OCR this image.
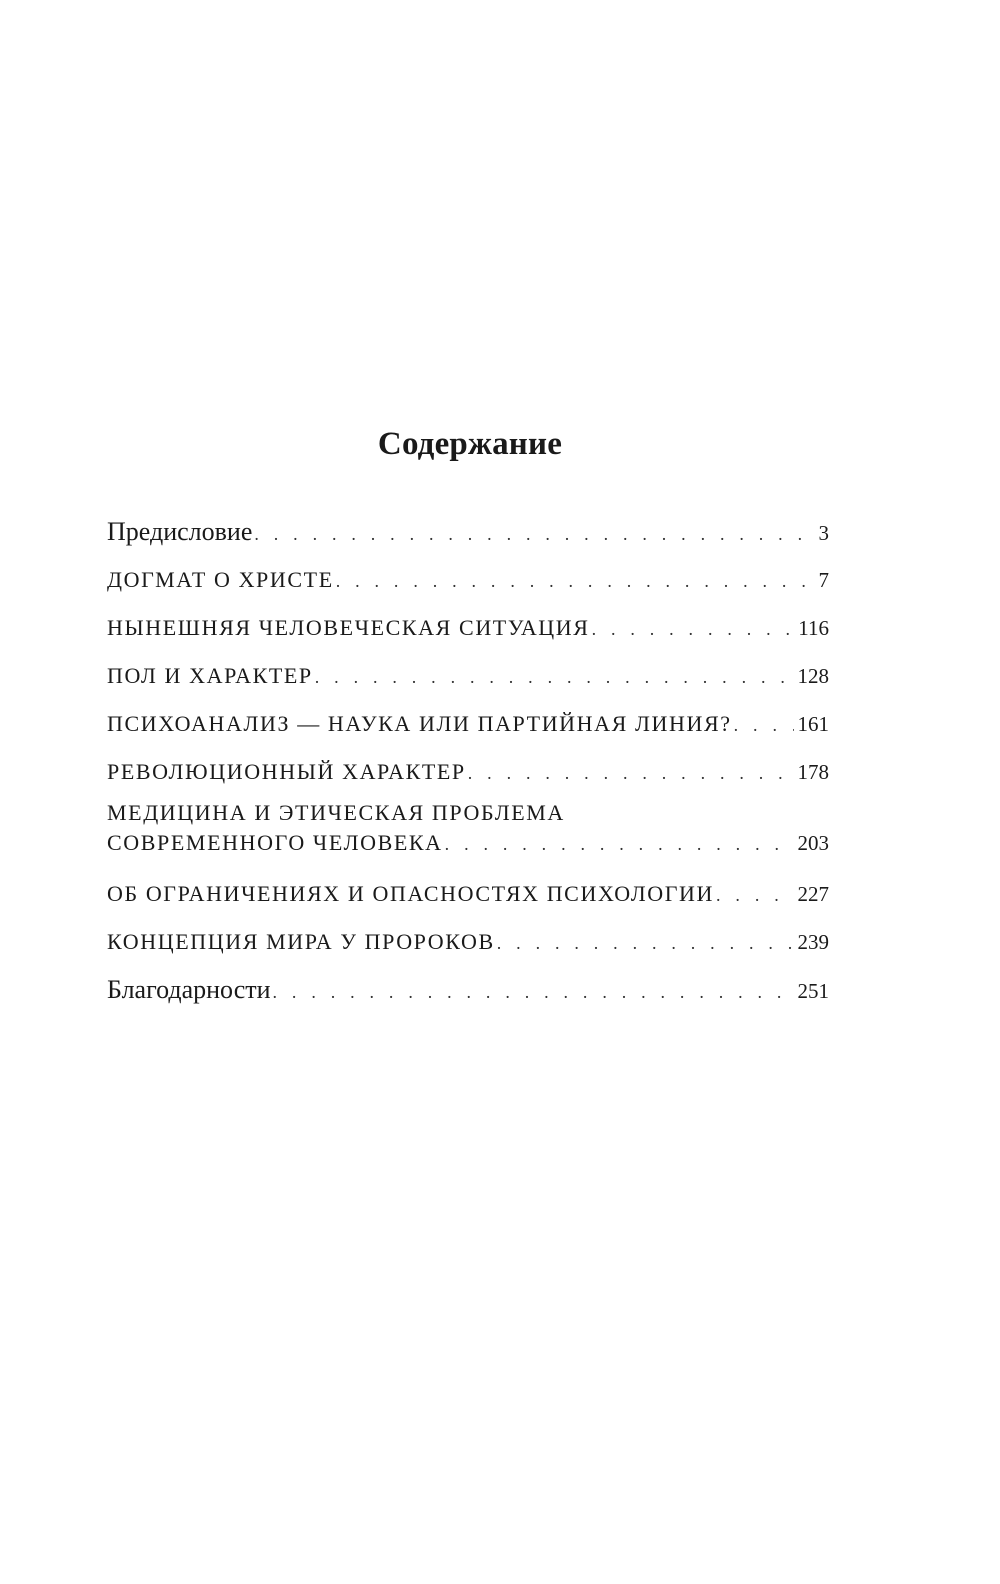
Содержание
Предисловие . . .	3
ДОГМАТ О ХРИСТЕ . . .	7
НЫНЕШНЯЯ ЧЕЛОВЕЧЕСКАЯ СИТУАЦИЯ . . .	116
ПОЛ И ХАРАКТЕР . . .	128
ПСИХОАНАЛИЗ — НАУКА ИЛИ ПАРТИЙНАЯ ЛИНИЯ? . . .	161
РЕВОЛЮЦИОННЫЙ ХАРАКТЕР . . .	178
МЕДИЦИНА И ЭТИЧЕСКАЯ ПРОБЛЕМА
СОВРЕМЕННОГО ЧЕЛОВЕКА . . .	203
ОБ ОГРАНИЧЕНИЯХ И ОПАСНОСТЯХ ПСИХОЛОГИИ . . .	227
КОНЦЕПЦИЯ МИРА У ПРОРОКОВ . . .	239
Благодарности . . .	251
